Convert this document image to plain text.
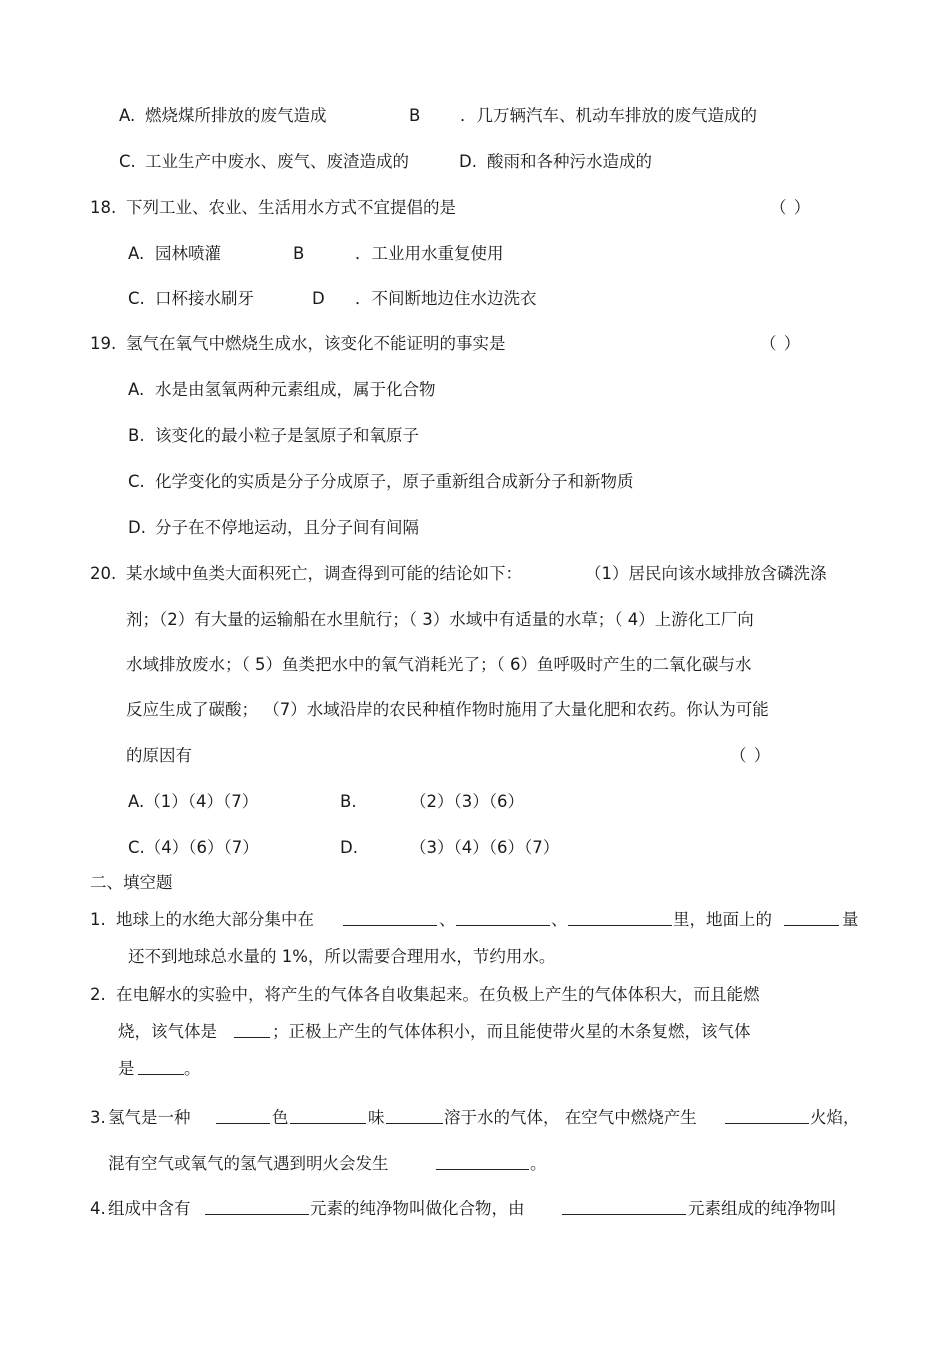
A. 燃烧煤所排放的废气造成	B ．几万辆汽车、机动车排放的废气造成的
C. 工业生产中废水、废气、废渣造成的	D. 酸雨和各种污水造成的
18. 下列工业、农业、生活用水方式不宜提倡的是	（ ）
A. 园林喷灌	B	．工业用水重复使用
C. 口杯接水刷牙	D ．不间断地边住水边洗衣
19. 氢气在氧气中燃烧生成水，该变化不能证明的事实是	（ ）
A. 水是由氢氧两种元素组成，属于化合物
B. 该变化的最小粒子是氢原子和氧原子
C. 化学变化的实质是分子分成原子，原子重新组合成新分子和新物质
D. 分子在不停地运动，且分子间有间隔
20. 某水域中鱼类大面积死亡，调查得到可能的结论如下：	（1）居民向该水域排放含磷洗涤
剂；（2）有大量的运输船在水里航行；（ 3）水域中有适量的水草；（ 4）上游化工厂向
水域排放废水；（ 5）鱼类把水中的氧气消耗光了；（ 6）鱼呼吸时产生的二氧化碳与水
反应生成了碳酸； （7）水域沿岸的农民种植作物时施用了大量化肥和农药。你认为可能
的原因有	（ ）
A.（1）（4）（7）	B.	（2）（3）（6）
C.（4）（6）（7）	D.	（3）（4）（6）（7）
二、填空题
1. 地球上的水绝大部分集中在	、	、	里，地面上的	量
还不到地球总水量的 1%，所以需要合理用水，节约用水。
2. 在电解水的实验中，将产生的气体各自收集起来。在负极上产生的气体体积大，而且能燃
烧，该气体是	；正极上产生的气体体积小，而且能使带火星的木条复燃，该气体
是	。
3. 氢气是一种	色	味	溶于水的气体， 在空气中燃烧产生	火焰，
混有空气或氧气的氢气遇到明火会发生	。
4. 组成中含有	元素的纯净物叫做化合物，由	元素组成的纯净物叫
